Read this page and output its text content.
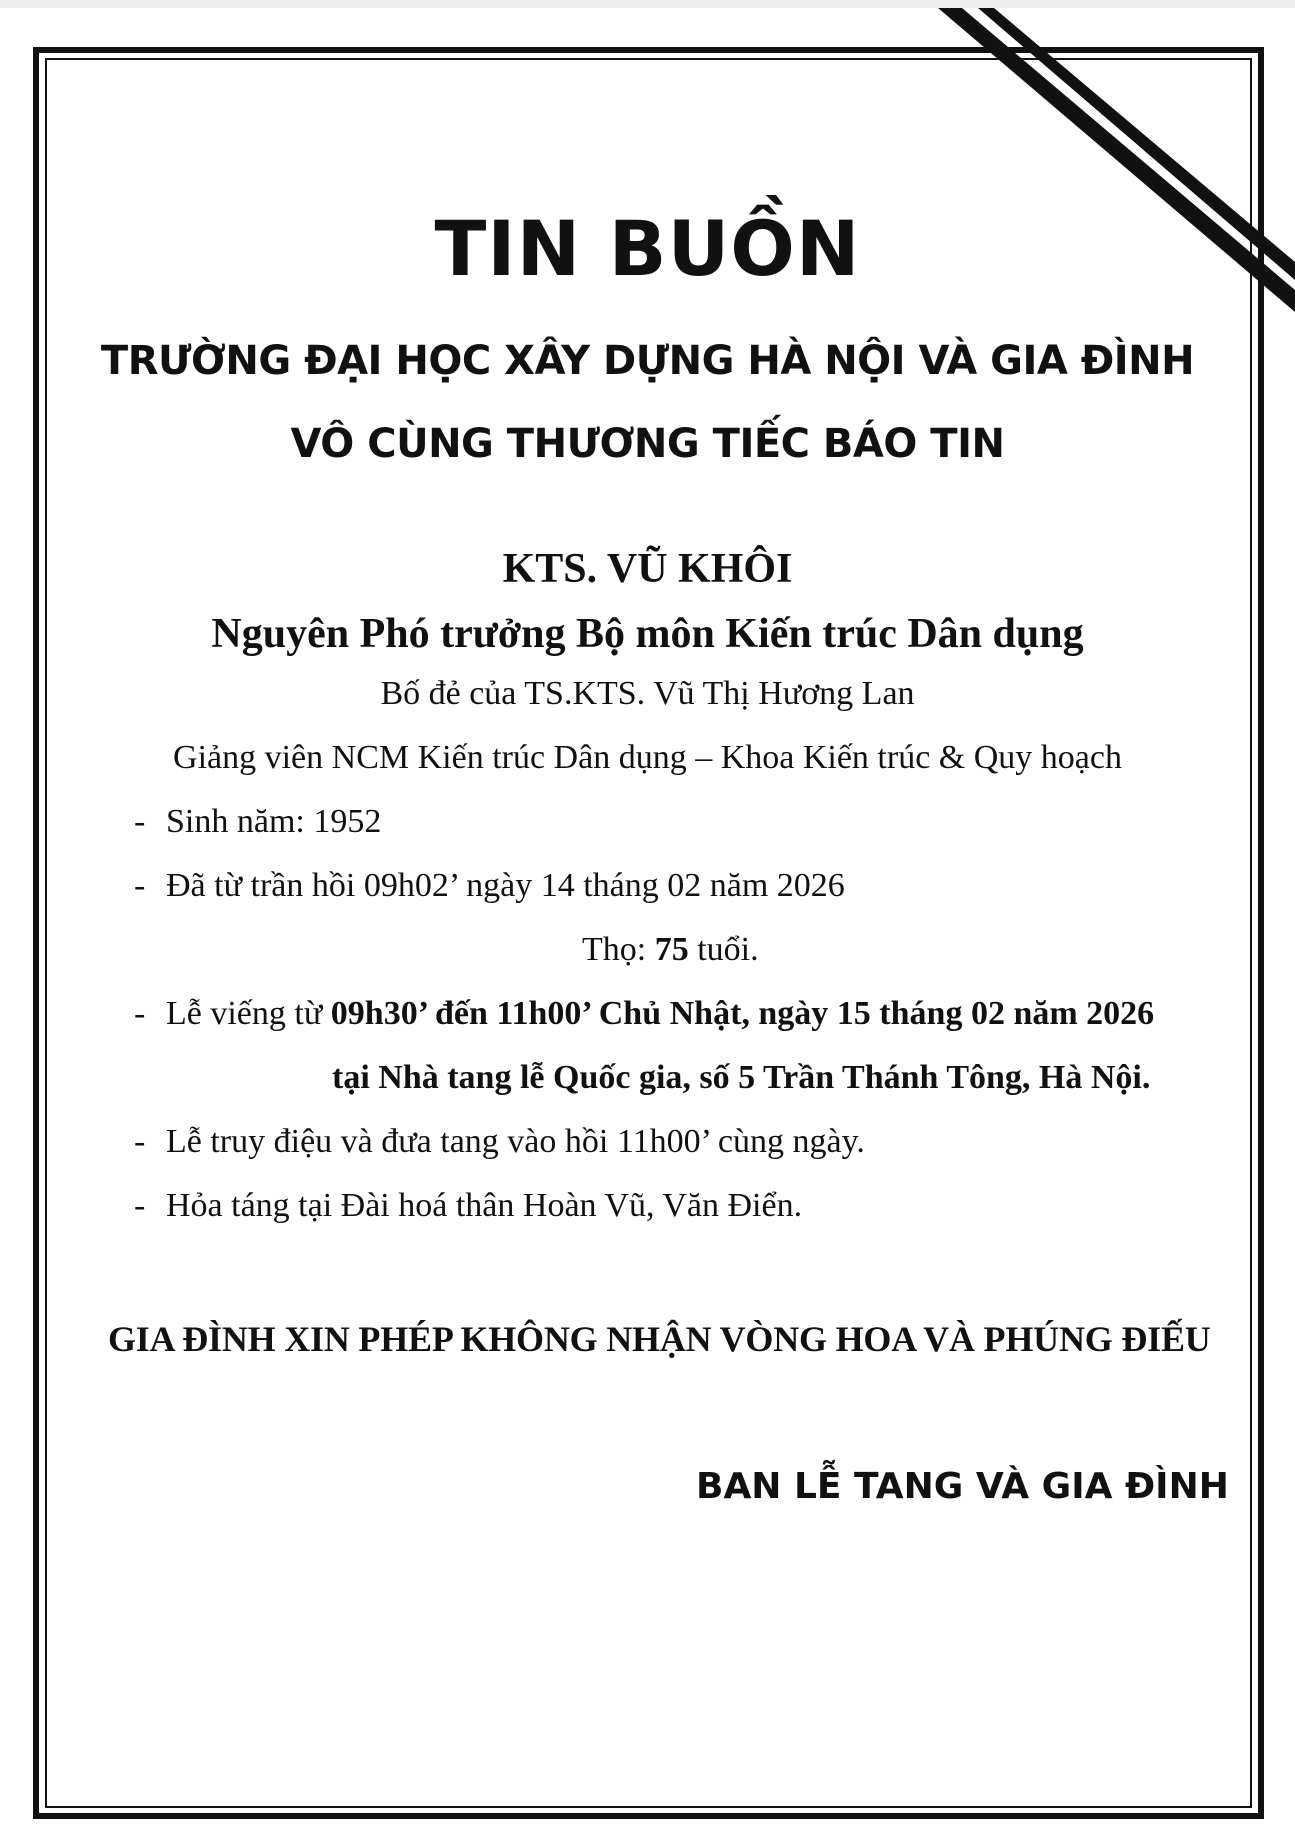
TIN BUỒN
TRƯỜNG ĐẠI HỌC XÂY DỰNG HÀ NỘI VÀ GIA ĐÌNH
VÔ CÙNG THƯƠNG TIẾC BÁO TIN
KTS. VŨ KHÔI
Nguyên Phó trưởng Bộ môn Kiến trúc Dân dụng
Bố đẻ của TS.KTS. Vũ Thị Hương Lan
Giảng viên NCM Kiến trúc Dân dụng – Khoa Kiến trúc & Quy hoạch
- Sinh năm: 1952
- Đã từ trần hồi 09h02’ ngày 14 tháng 02 năm 2026
Thọ: 75 tuổi.
- Lễ viếng từ 09h30’ đến 11h00’ Chủ Nhật, ngày 15 tháng 02 năm 2026
tại Nhà tang lễ Quốc gia, số 5 Trần Thánh Tông, Hà Nội.
- Lễ truy điệu và đưa tang vào hồi 11h00’ cùng ngày.
- Hỏa táng tại Đài hoá thân Hoàn Vũ, Văn Điển.
GIA ĐÌNH XIN PHÉP KHÔNG NHẬN VÒNG HOA VÀ PHÚNG ĐIẾU
BAN LỄ TANG VÀ GIA ĐÌNH
